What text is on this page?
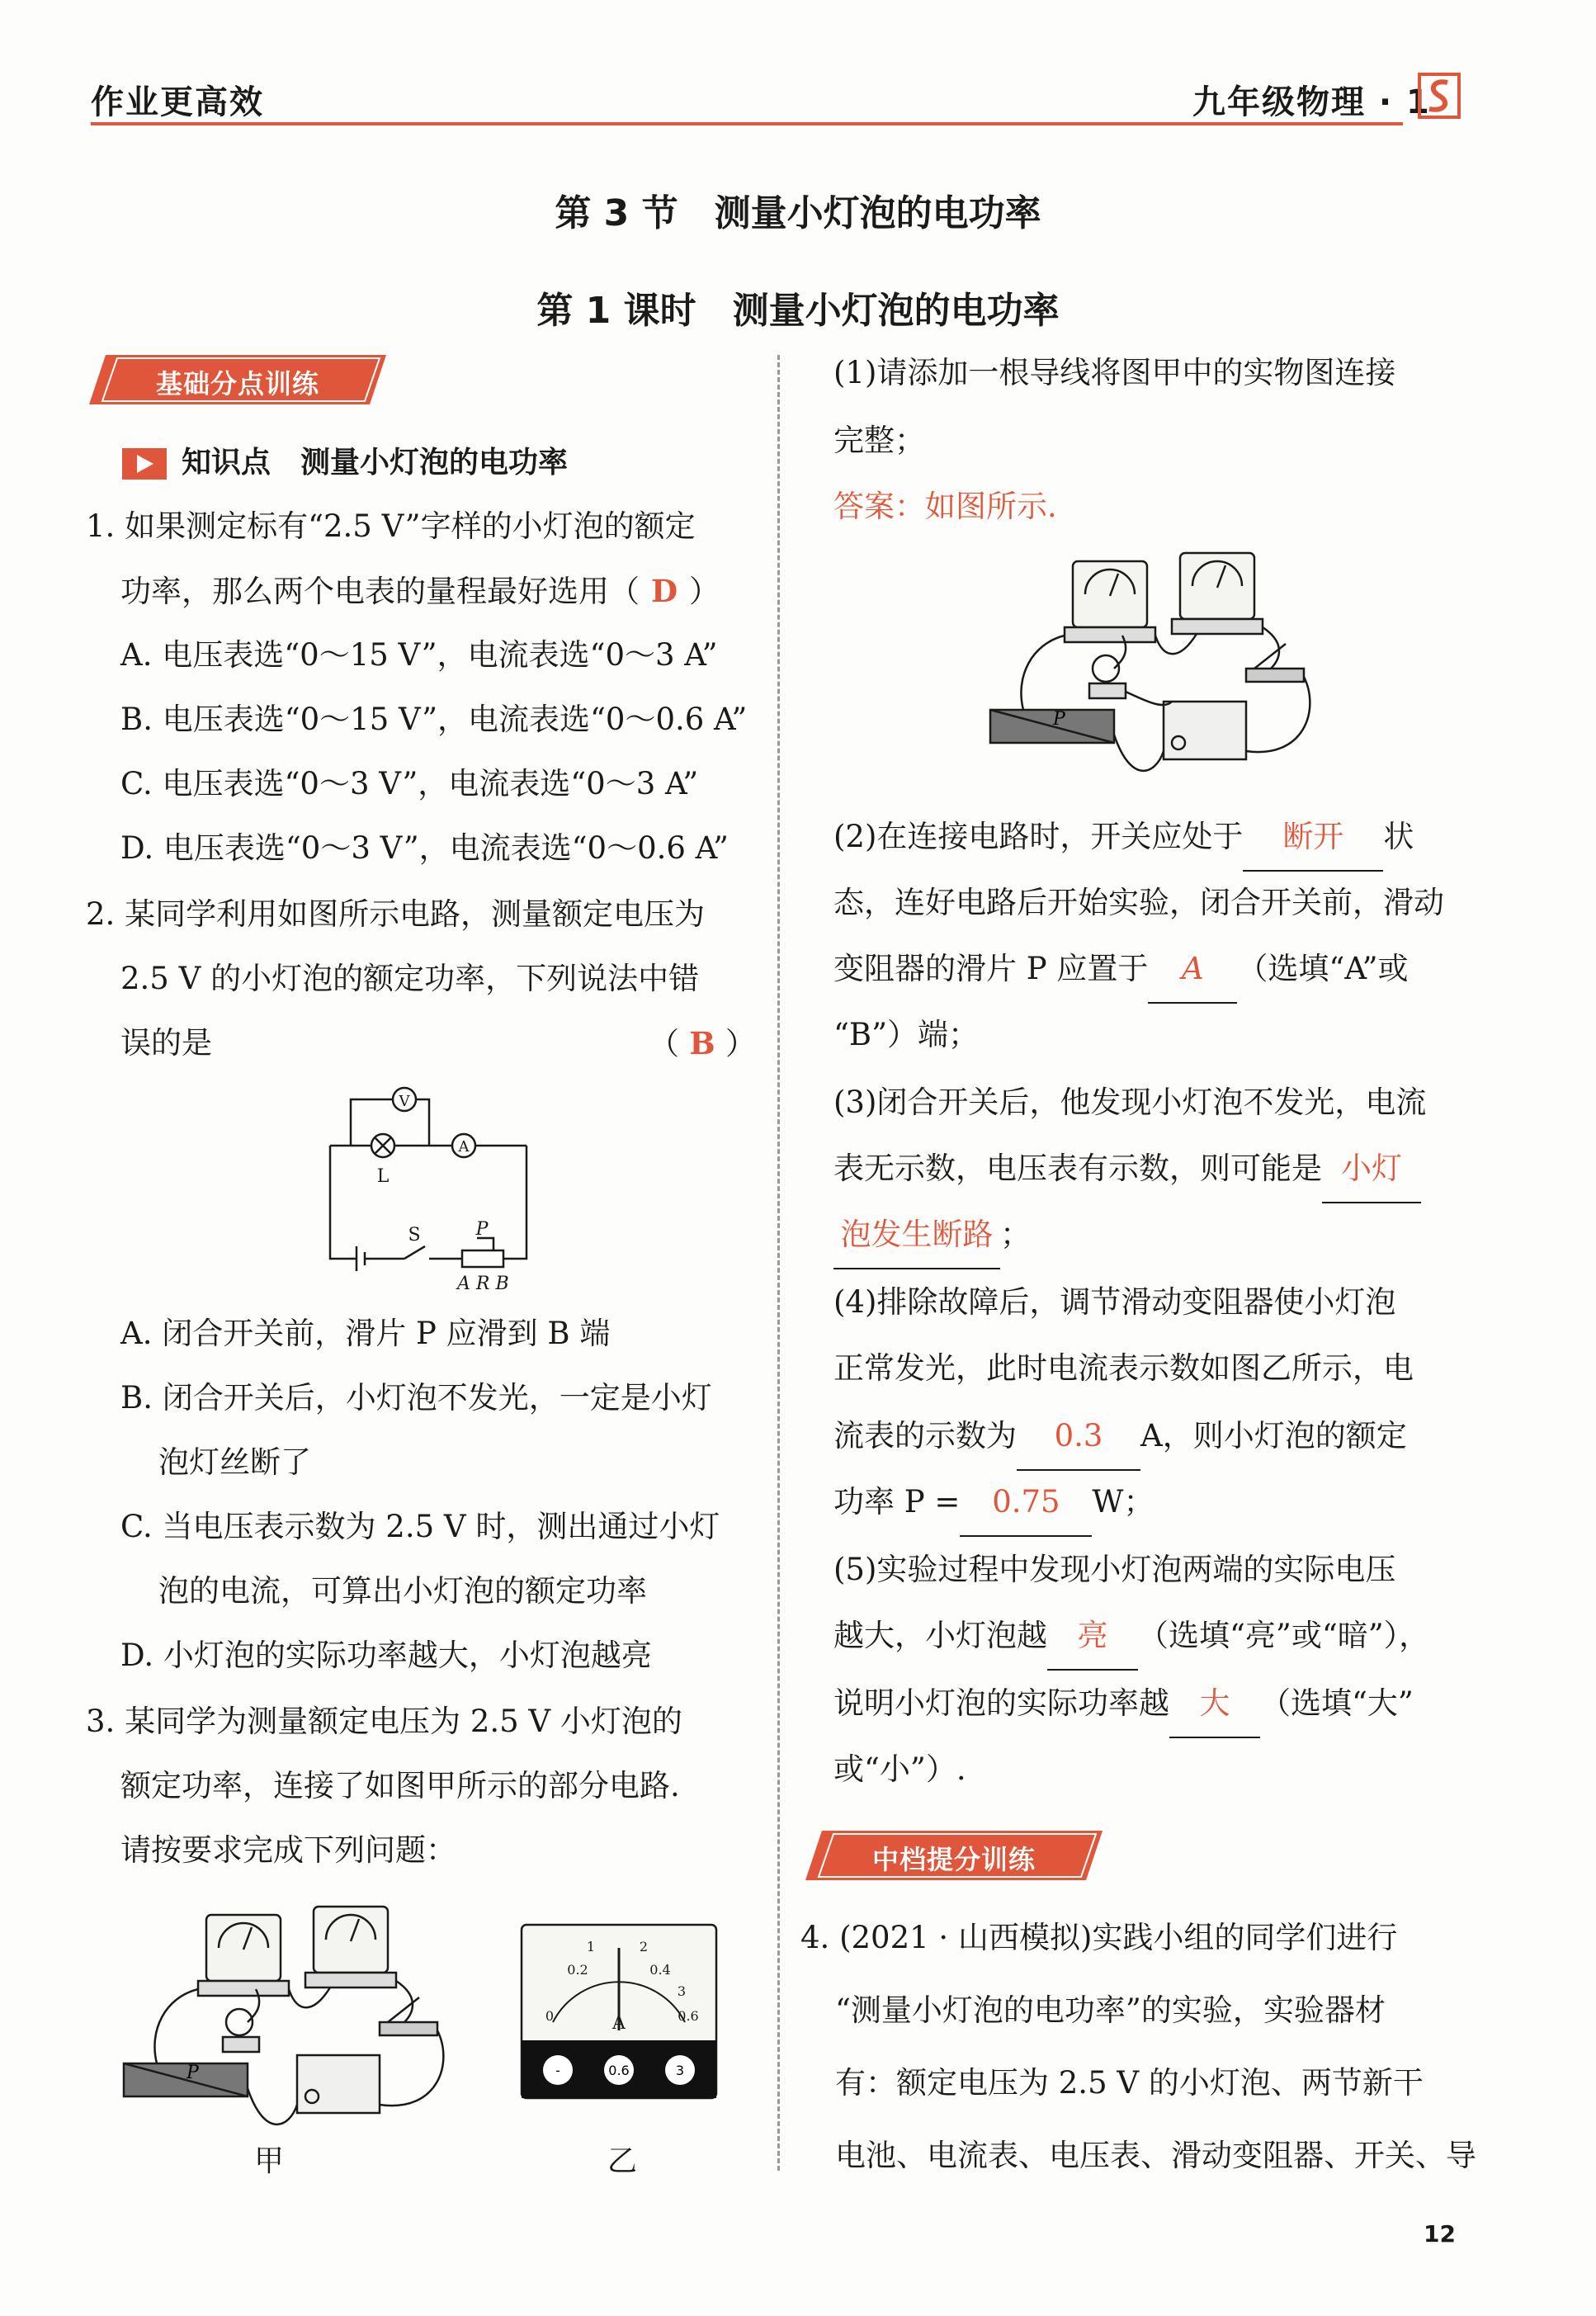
作业更高效	九年级物理 · 1
第 3 节　测量小灯泡的电功率
第 1 课时　测量小灯泡的电功率
基础分点训练
知识点　测量小灯泡的电功率
1. 如果测定标有“2.5 V”字样的小灯泡的额定
功率，那么两个电表的量程最好选用（ D ）
A. 电压表选“0～15 V”，电流表选“0～3 A”
B. 电压表选“0～15 V”，电流表选“0～0.6 A”
C. 电压表选“0～3 V”，电流表选“0～3 A”
D. 电压表选“0～3 V”，电流表选“0～0.6 A”
2. 某同学利用如图所示电路，测量额定电压为
2.5 V 的小灯泡的额定功率，下列说法中错
误的是	（ B ）
V
A
L
S	P
A R B
A. 闭合开关前，滑片 P 应滑到 B 端
B. 闭合开关后，小灯泡不发光，一定是小灯
泡灯丝断了
C. 当电压表示数为 2.5 V 时，测出通过小灯
泡的电流，可算出小灯泡的额定功率
D. 小灯泡的实际功率越大，小灯泡越亮
3. 某同学为测量额定电压为 2.5 V 小灯泡的
额定功率，连接了如图甲所示的部分电路.
请按要求完成下列问题：
P
甲
0
0.2	0.4
0.6
1	2
3
A
-	0.6	3
乙
(1)请添加一根导线将图甲中的实物图连接
完整；
答案：如图所示.
P
(2)在连接电路时，开关应处于 断开 状
态，连好电路后开始实验，闭合开关前，滑动
变阻器的滑片 P 应置于 A （选填“A”或
“B”）端；
(3)闭合开关后，他发现小灯泡不发光，电流
表无示数，电压表有示数，则可能是 小灯
泡发生断路 ；
(4)排除故障后，调节滑动变阻器使小灯泡
正常发光，此时电流表示数如图乙所示，电
流表的示数为 0.3 A，则小灯泡的额定
功率 P = 0.75 W；
(5)实验过程中发现小灯泡两端的实际电压
越大，小灯泡越 亮 （选填“亮”或“暗”），
说明小灯泡的实际功率越 大 （选填“大”
或“小”）.
中档提分训练
4. (2021 · 山西模拟)实践小组的同学们进行
“测量小灯泡的电功率”的实验，实验器材
有：额定电压为 2.5 V 的小灯泡、两节新干
电池、电流表、电压表、滑动变阻器、开关、导
12
